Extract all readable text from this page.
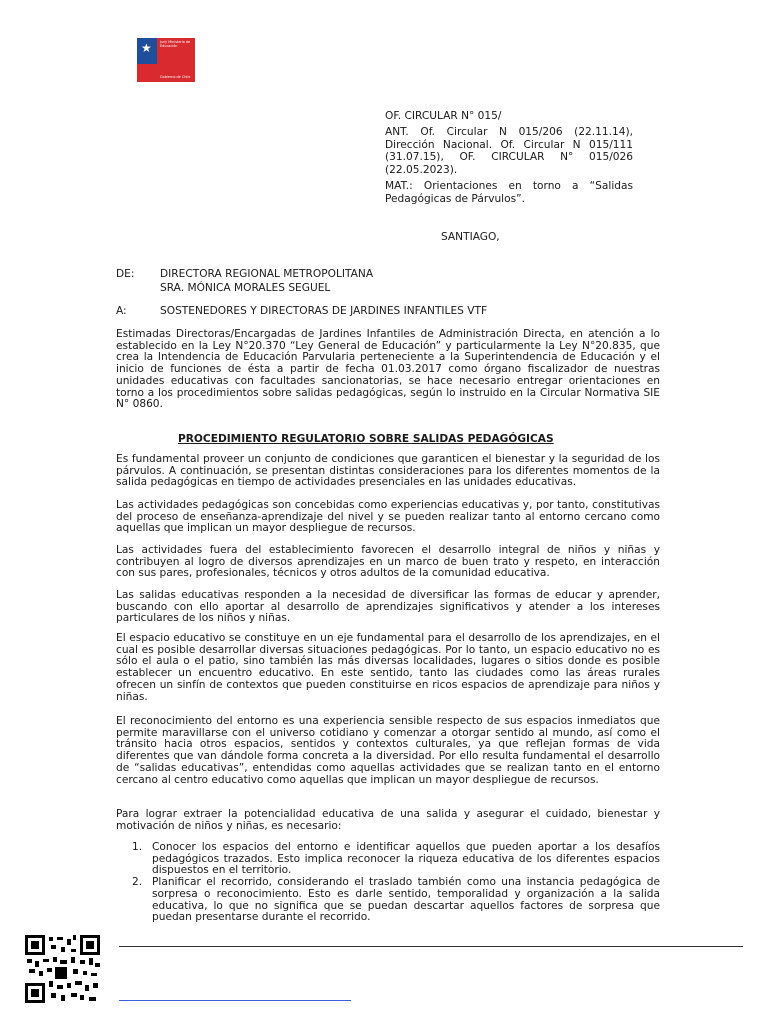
★ Junji Ministerio de Educación
Gobierno de Chile
OF. CIRCULAR N° 015/
ANT. Of. Circular N 015/206 (22.11.14), Dirección Nacional. Of. Circular N 015/111 (31.07.15), OF. CIRCULAR N° 015/026 (22.05.2023).
MAT.: Orientaciones en torno a “Salidas Pedagógicas de Párvulos”.
SANTIAGO,
DE: DIRECTORA REGIONAL METROPOLITANA
SRA. MÓNICA MORALES SEGUEL
A:	SOSTENEDORES Y DIRECTORAS DE JARDINES INFANTILES VTF

Estimadas Directoras/Encargadas de Jardines Infantiles de Administración Directa, en atención a lo establecido en la Ley N°20.370 “Ley General de Educación” y particularmente la Ley N°20.835, que crea la Intendencia de Educación Parvularia perteneciente a la Superintendencia de Educación y el inicio de funciones de ésta a partir de fecha 01.03.2017 como órgano fiscalizador de nuestras unidades educativas con facultades sancionatorias, se hace necesario entregar orientaciones en torno a los procedimientos sobre salidas pedagógicas, según lo instruido en la Circular Normativa SIE N° 0860.

PROCEDIMIENTO REGULATORIO SOBRE SALIDAS PEDAGÓGICAS

Es fundamental proveer un conjunto de condiciones que garanticen el bienestar y la seguridad de los párvulos. A continuación, se presentan distintas consideraciones para los diferentes momentos de la salida pedagógicas en tiempo de actividades presenciales en las unidades educativas.

Las actividades pedagógicas son concebidas como experiencias educativas y, por tanto, constitutivas del proceso de enseñanza-aprendizaje del nivel y se pueden realizar tanto al entorno cercano como aquellas que implican un mayor despliegue de recursos.

Las actividades fuera del establecimiento favorecen el desarrollo integral de niños y niñas y contribuyen al logro de diversos aprendizajes en un marco de buen trato y respeto, en interacción con sus pares, profesionales, técnicos y otros adultos de la comunidad educativa.

Las salidas educativas responden a la necesidad de diversificar las formas de educar y aprender, buscando con ello aportar al desarrollo de aprendizajes significativos y atender a los intereses particulares de los niños y niñas.

El espacio educativo se constituye en un eje fundamental para el desarrollo de los aprendizajes, en el cual es posible desarrollar diversas situaciones pedagógicas. Por lo tanto, un espacio educativo no es sólo el aula o el patio, sino también las más diversas localidades, lugares o sitios donde es posible establecer un encuentro educativo. En este sentido, tanto las ciudades como las áreas rurales ofrecen un sinfín de contextos que pueden constituirse en ricos espacios de aprendizaje para niños y niñas.

El reconocimiento del entorno es una experiencia sensible respecto de sus espacios inmediatos que permite maravillarse con el universo cotidiano y comenzar a otorgar sentido al mundo, así como el tránsito hacia otros espacios, sentidos y contextos culturales, ya que reflejan formas de vida diferentes que van dándole forma concreta a la diversidad. Por ello resulta fundamental el desarrollo de “salidas educativas”, entendidas como aquellas actividades que se realizan tanto en el entorno cercano al centro educativo como aquellas que implican un mayor despliegue de recursos.

Para lograr extraer la potencialidad educativa de una salida y asegurar el cuidado, bienestar y motivación de niños y niñas, es necesario:

1. Conocer los espacios del entorno e identificar aquellos que pueden aportar a los desafíos pedagógicos trazados. Esto implica reconocer la riqueza educativa de los diferentes espacios dispuestos en el territorio.
2. Planificar el recorrido, considerando el traslado también como una instancia pedagógica de sorpresa o reconocimiento. Esto es darle sentido, temporalidad y organización a la salida educativa, lo que no significa que se puedan descartar aquellos factores de sorpresa que puedan presentarse durante el recorrido.
